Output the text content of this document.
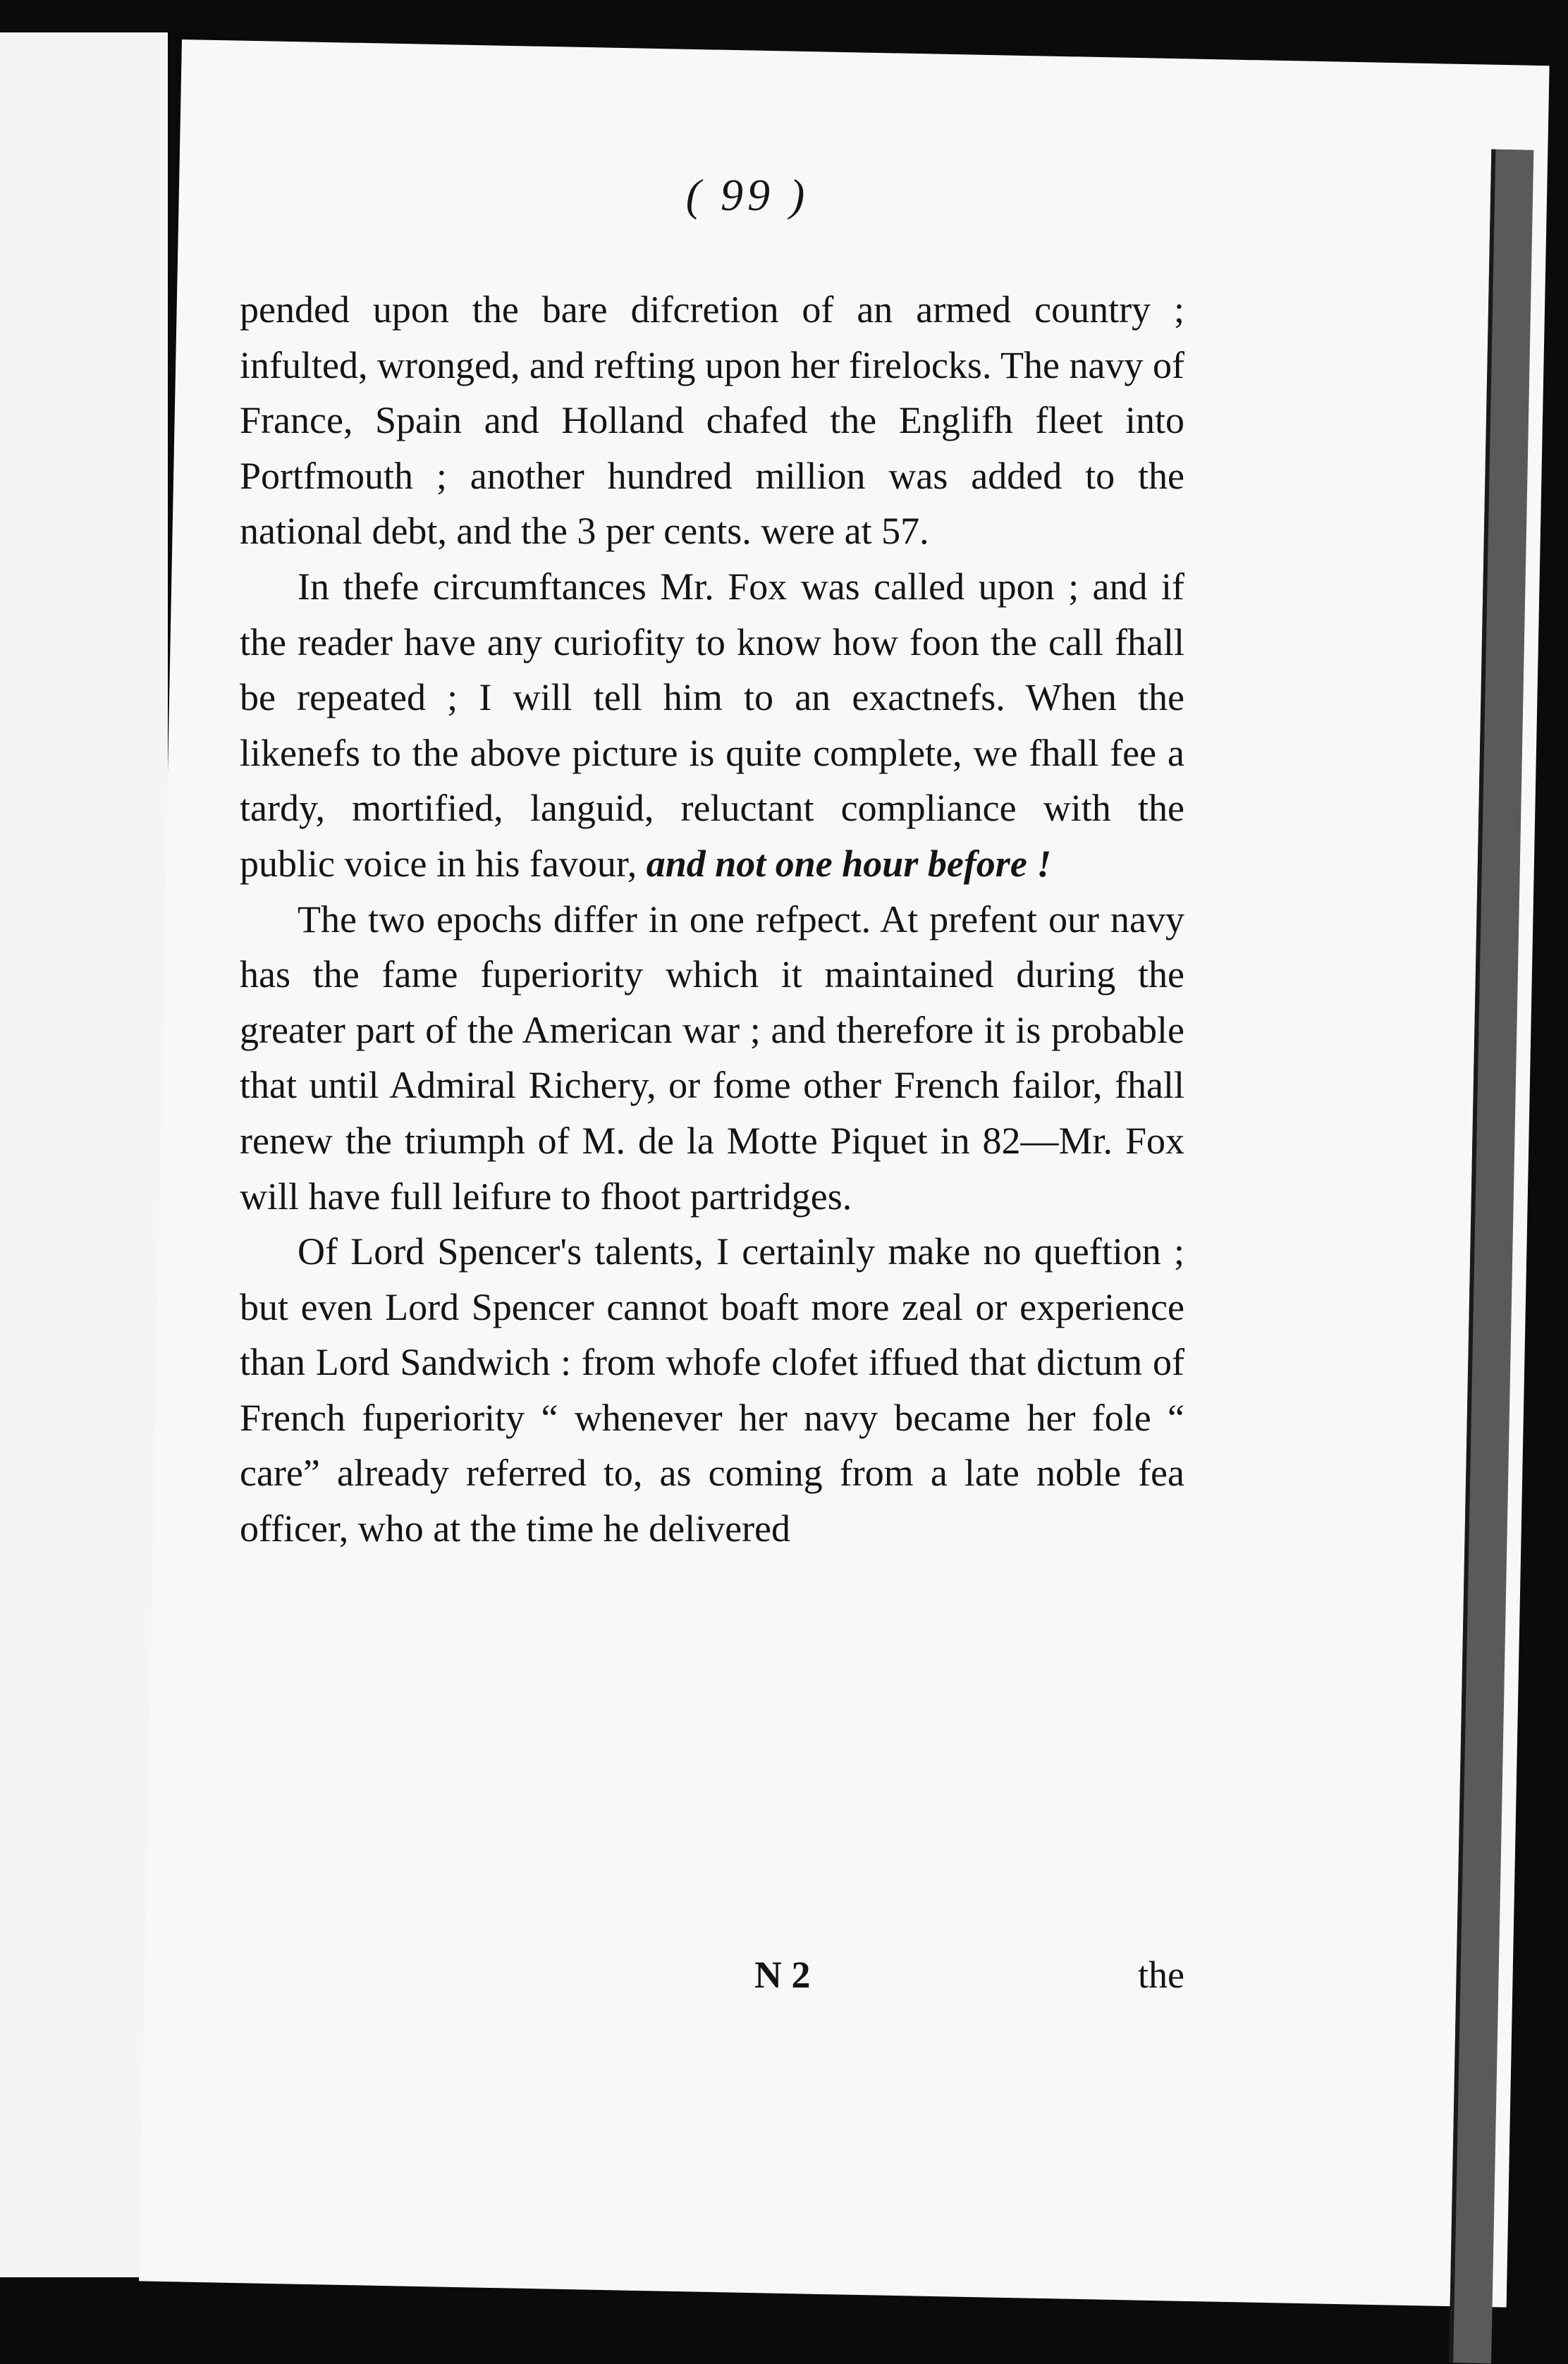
( 99 )

pended upon the bare difcretion of an armed country ; infulted, wronged, and refting upon her firelocks. The navy of France, Spain and Holland chafed the Englifh fleet into Portfmouth ; another hundred million was added to the national debt, and the 3 per cents. were at 57.

In thefe circumftances Mr. Fox was called upon ; and if the reader have any curiofity to know how foon the call fhall be repeated ; I will tell him to an exactnefs. When the likenefs to the above picture is quite complete, we fhall fee a tardy, mortified, languid, reluctant compliance with the public voice in his favour, and not one hour before !

The two epochs differ in one refpect. At prefent our navy has the fame fuperiority which it maintained during the greater part of the American war ; and therefore it is probable that until Admiral Richery, or fome other French failor, fhall renew the triumph of M. de la Motte Piquet in 82—Mr. Fox will have full leifure to fhoot partridges.

Of Lord Spencer's talents, I certainly make no queftion ; but even Lord Spencer cannot boaft more zeal or experience than Lord Sandwich : from whofe clofet iffued that dictum of French fuperiority “ whenever her navy became her fole “ care” already referred to, as coming from a late noble fea officer, who at the time he delivered

N 2	the
